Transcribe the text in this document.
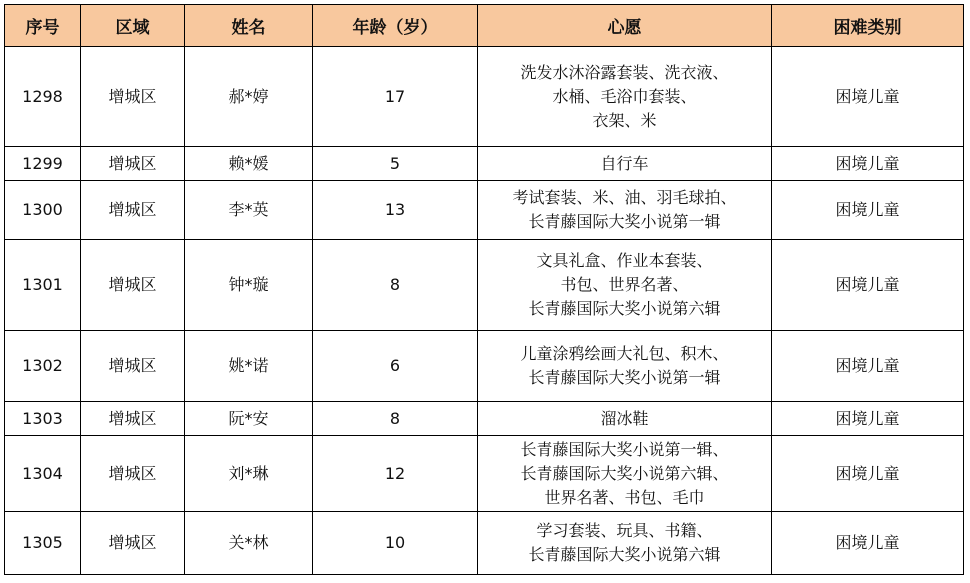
序号	区域	姓名	年龄（岁）	心愿	困难类别
1298	增城区	郝*婷	17	洗发水沐浴露套装、洗衣液、
水桶、毛浴巾套装、
衣架、米	困境儿童
1299	增城区	赖*媛	5	自行车	困境儿童
1300	增城区	李*英	13	考试套装、米、油、羽毛球拍、
长青藤国际大奖小说第一辑	困境儿童
1301	增城区	钟*璇	8	文具礼盒、作业本套装、
书包、世界名著、
长青藤国际大奖小说第六辑	困境儿童
1302	增城区	姚*诺	6	儿童涂鸦绘画大礼包、积木、
长青藤国际大奖小说第一辑	困境儿童
1303	增城区	阮*安	8	溜冰鞋	困境儿童
1304	增城区	刘*琳	12	长青藤国际大奖小说第一辑、
长青藤国际大奖小说第六辑、
世界名著、书包、毛巾	困境儿童
1305	增城区	关*林	10	学习套装、玩具、书籍、
长青藤国际大奖小说第六辑	困境儿童
